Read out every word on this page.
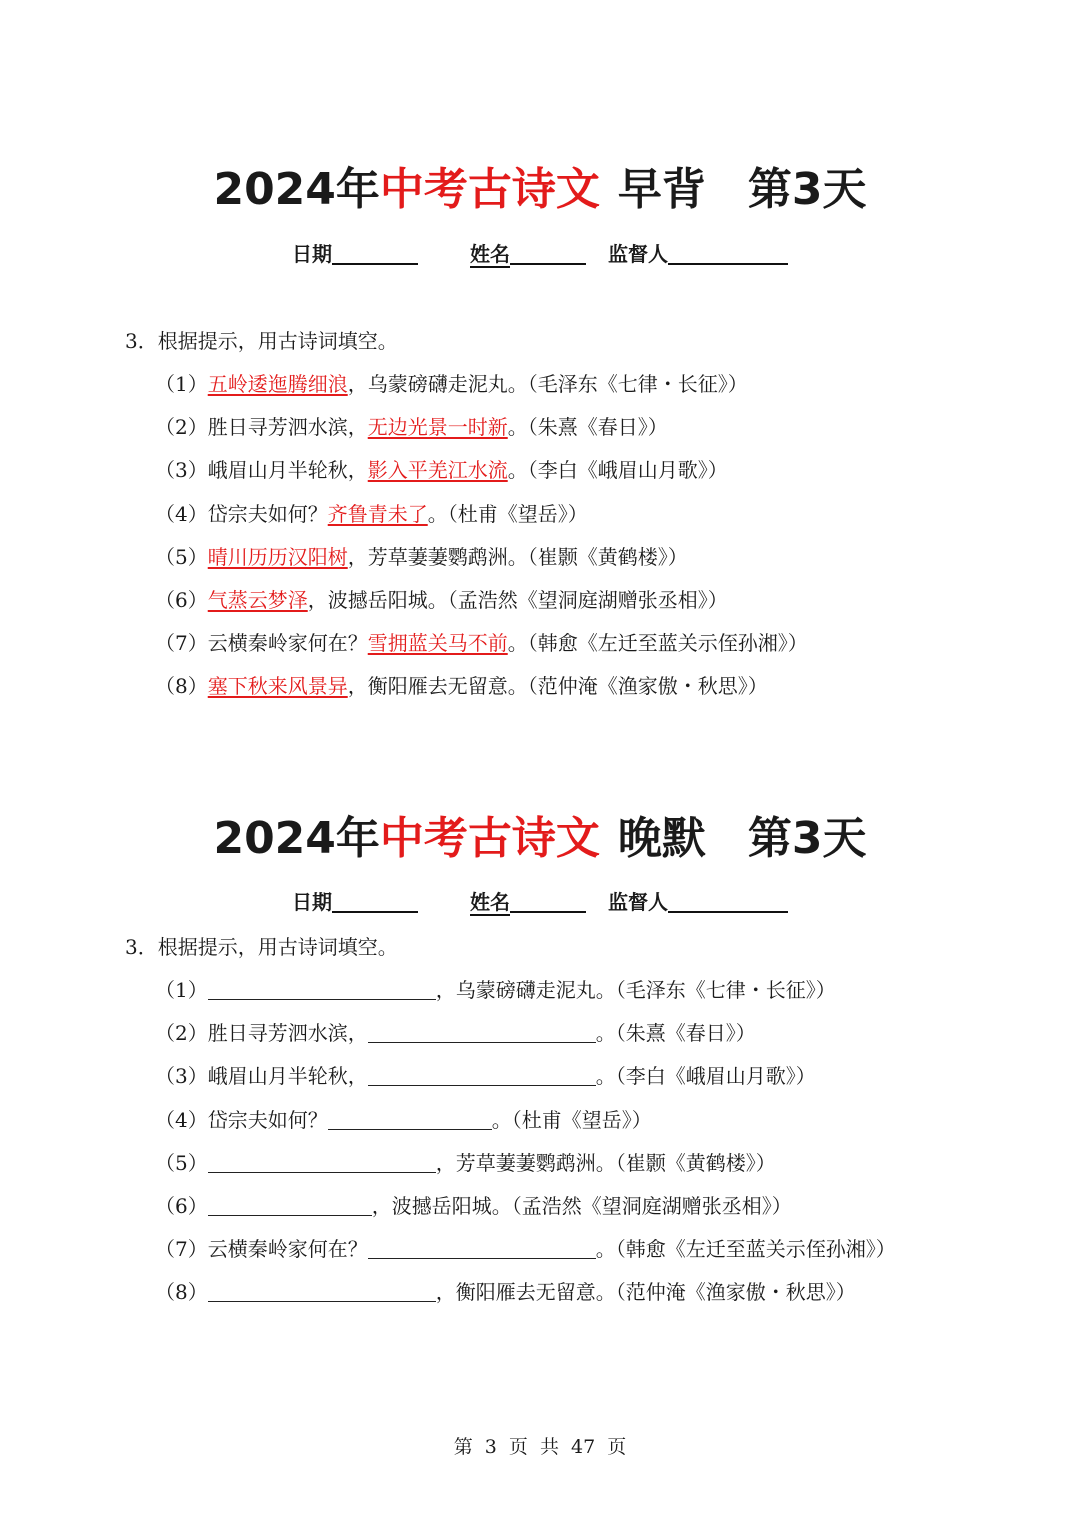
2024年中考古诗文 早背 第3天
日期	姓名	监督人
3．根据提示，用古诗词填空。
（1）五岭逶迤腾细浪，乌蒙磅礴走泥丸。（毛泽东《七律・长征》）
（2）胜日寻芳泗水滨，无边光景一时新。（朱熹《春日》）
（3）峨眉山月半轮秋，影入平羌江水流。（李白《峨眉山月歌》）
（4）岱宗夫如何？齐鲁青未了。（杜甫《望岳》）
（5）晴川历历汉阳树，芳草萋萋鹦鹉洲。（崔颢《黄鹤楼》）
（6）气蒸云梦泽，波撼岳阳城。（孟浩然《望洞庭湖赠张丞相》）
（7）云横秦岭家何在？雪拥蓝关马不前。（韩愈《左迁至蓝关示侄孙湘》）
（8）塞下秋来风景异，衡阳雁去无留意。（范仲淹《渔家傲・秋思》）
2024年中考古诗文 晚默 第3天
日期	姓名	监督人
3．根据提示，用古诗词填空。
（1）	，乌蒙磅礴走泥丸。（毛泽东《七律・长征》）
（2）胜日寻芳泗水滨，	。（朱熹《春日》）
（3）峨眉山月半轮秋，	。（李白《峨眉山月歌》）
（4）岱宗夫如何？	。（杜甫《望岳》）
（5）	，芳草萋萋鹦鹉洲。（崔颢《黄鹤楼》）
（6）	，波撼岳阳城。（孟浩然《望洞庭湖赠张丞相》）
（7）云横秦岭家何在？	。（韩愈《左迁至蓝关示侄孙湘》）
（8）	，衡阳雁去无留意。（范仲淹《渔家傲・秋思》）
第 3 页 共 47 页
